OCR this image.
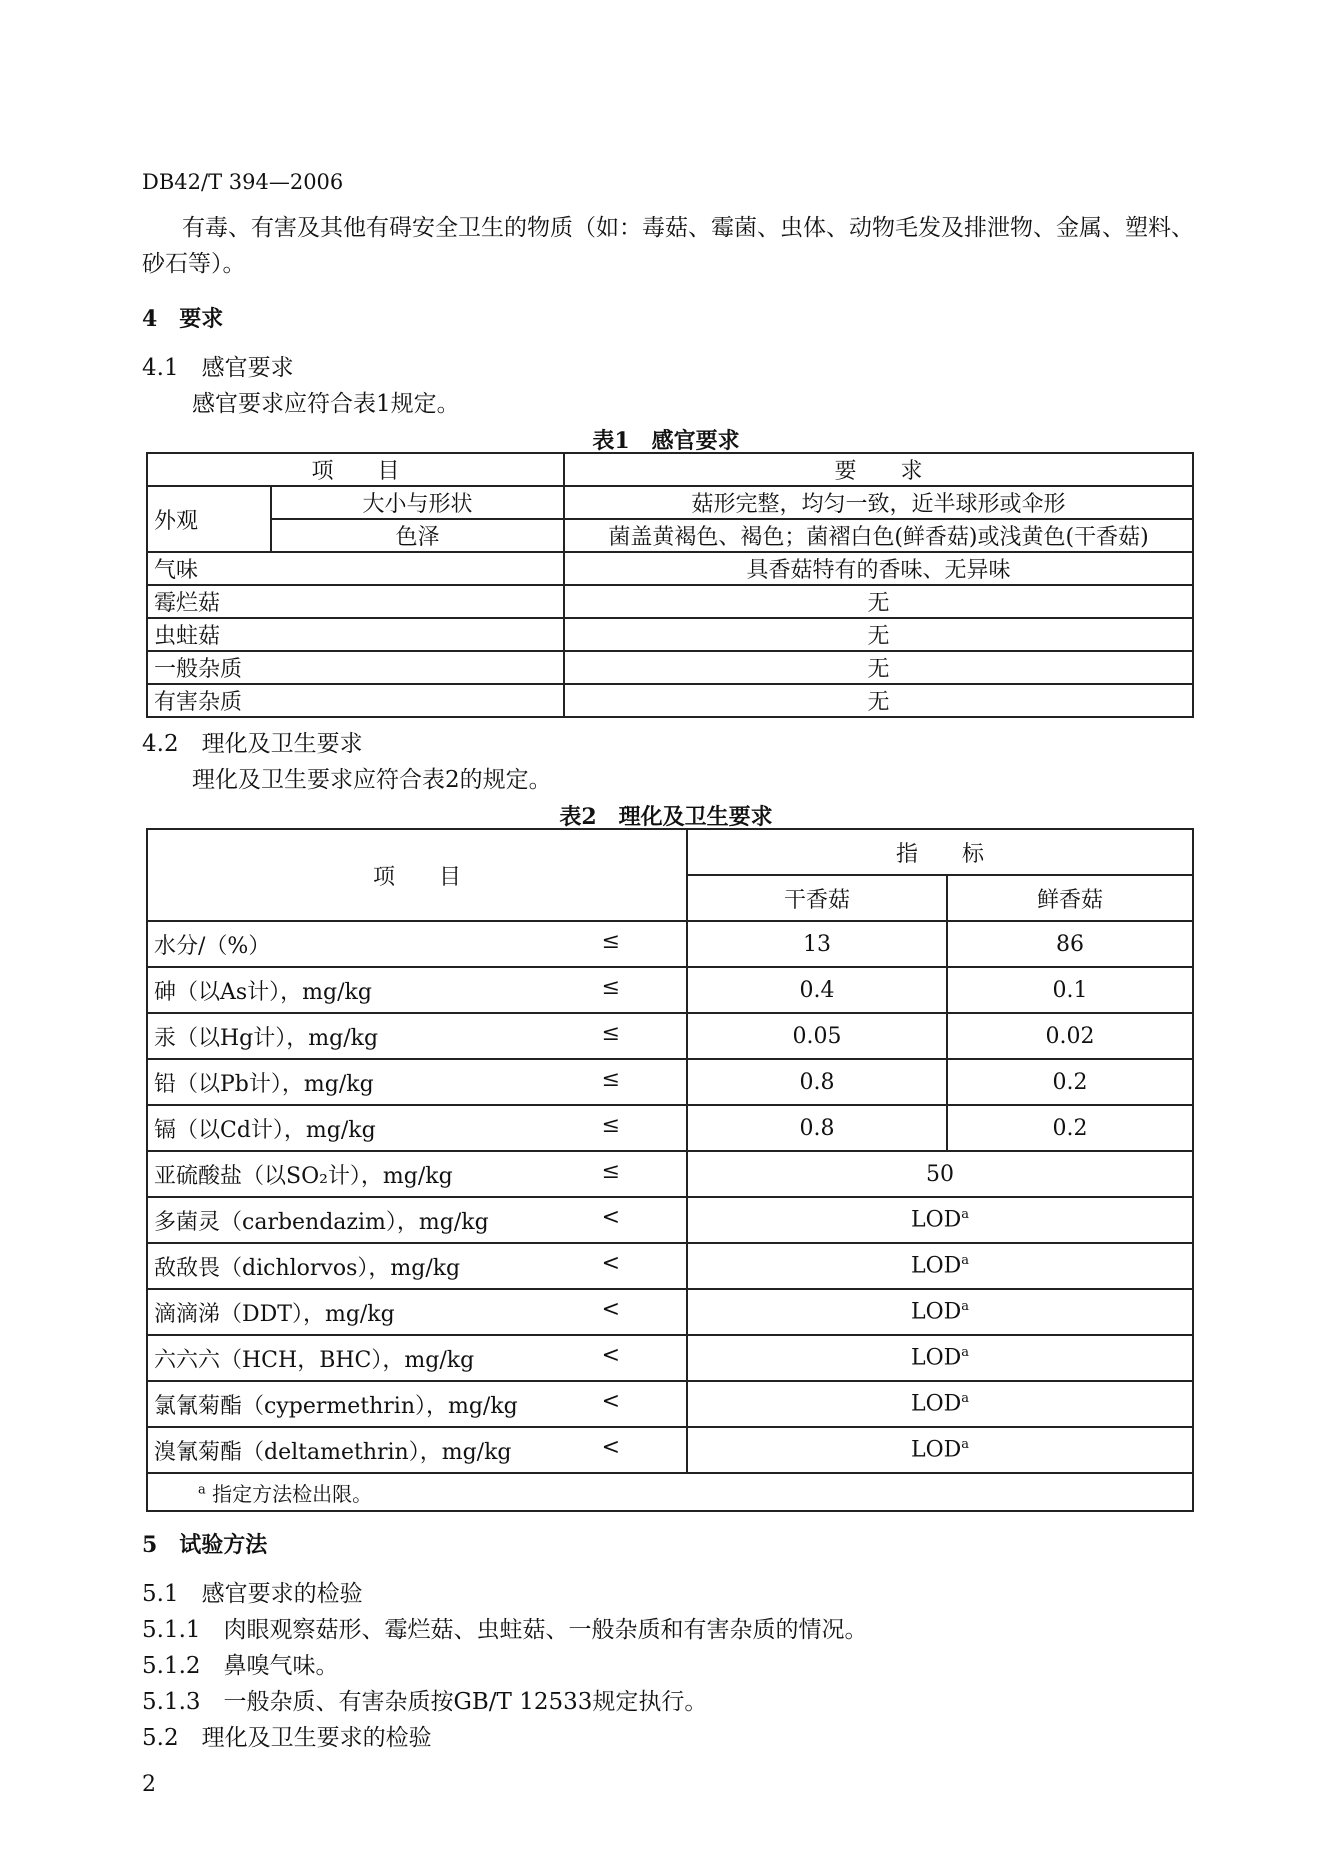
DB42/T 394—2006
有毒、有害及其他有碍安全卫生的物质（如：毒菇、霉菌、虫体、动物毛发及排泄物、金属、塑料、
砂石等）。
4　要求
4.1　感官要求
感官要求应符合表1规定。
表1　感官要求
项　　目		要　　求
外观	大小与形状	菇形完整，均匀一致，近半球形或伞形
	色泽	菌盖黄褐色、褐色；菌褶白色(鲜香菇)或浅黄色(干香菇)
气味		具香菇特有的香味、无异味
霉烂菇		无
虫蛀菇		无
一般杂质		无
有害杂质		无
4.2　理化及卫生要求
理化及卫生要求应符合表2的规定。
表2　理化及卫生要求
项　　目	指　　标	
	干香菇	鲜香菇
水分/（%） ≤	13	86
砷（以As计），mg/kg ≤	0.4	0.1
汞（以Hg计），mg/kg ≤	0.05	0.02
铅（以Pb计），mg/kg ≤	0.8	0.2
镉（以Cd计），mg/kg ≤	0.8	0.2
亚硫酸盐（以SO₂计），mg/kg ≤	50	
多菌灵（carbendazim），mg/kg <	$LOD^a$
敌敌畏（dichlorvos），mg/kg <	$LOD^a$
滴滴涕（DDT），mg/kg <	$LOD^a$
六六六（HCH，BHC），mg/kg <	$LOD^a$
氯氰菊酯（cypermethrin），mg/kg <	$LOD^a$
溴氰菊酯（deltamethrin），mg/kg <	$LOD^a$
$^a$ 指定方法检出限。		
5　试验方法
5.1　感官要求的检验
5.1.1　肉眼观察菇形、霉烂菇、虫蛀菇、一般杂质和有害杂质的情况。
5.1.2　鼻嗅气味。
5.1.3　一般杂质、有害杂质按GB/T 12533规定执行。
5.2　理化及卫生要求的检验
2
